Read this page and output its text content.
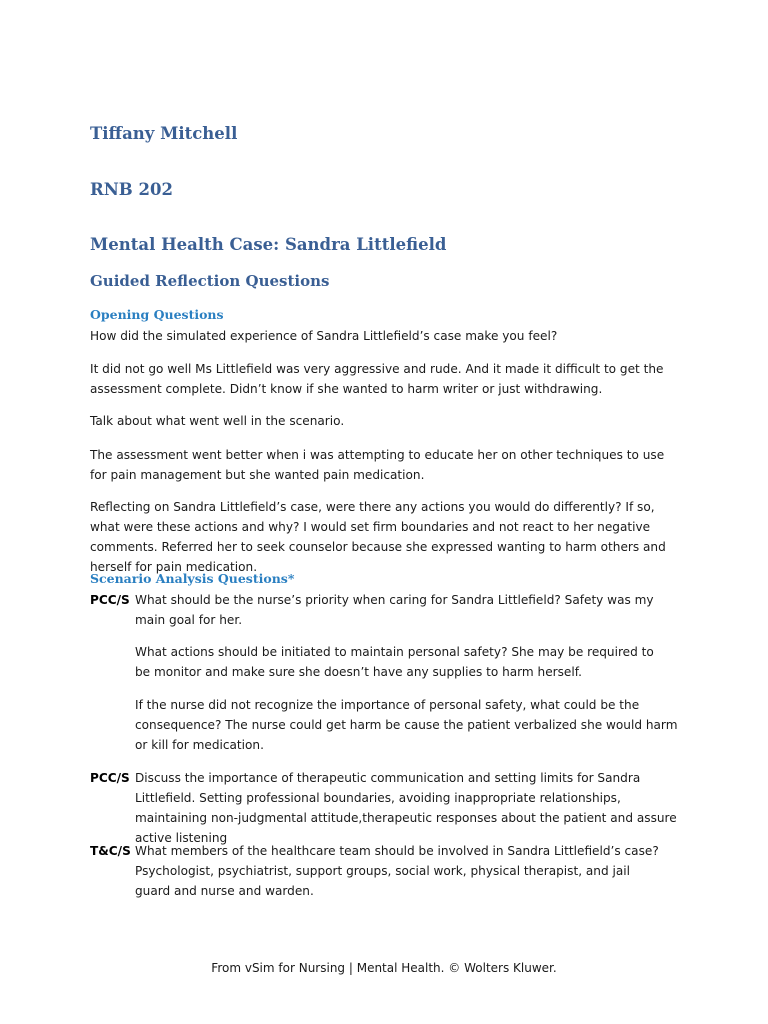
Tiffany Mitchell
RNB 202
Mental Health Case: Sandra Littlefield
Guided Reflection Questions
Opening Questions

How did the simulated experience of Sandra Littlefield’s case make you feel?

It did not go well Ms Littlefield was very aggressive and rude. And it made it difficult to get the assessment complete. Didn’t know if she wanted to harm writer or just withdrawing.

Talk about what went well in the scenario.

The assessment went better when i was attempting to educate her on other techniques to use for pain management but she wanted pain medication.

Reflecting on Sandra Littlefield’s case, were there any actions you would do differently? If so, what were these actions and why? I would set firm boundaries and not react to her negative comments. Referred her to seek counselor because she expressed wanting to harm others and herself for pain medication.

Scenario Analysis Questions*
PCC/S What should be the nurse’s priority when caring for Sandra Littlefield? Safety was my main goal for her.

What actions should be initiated to maintain personal safety? She may be required to be monitor and make sure she doesn’t have any supplies to harm herself.

If the nurse did not recognize the importance of personal safety, what could be the consequence? The nurse could get harm be cause the patient verbalized she would harm or kill for medication.

PCC/S Discuss the importance of therapeutic communication and setting limits for Sandra Littlefield. Setting professional boundaries, avoiding inappropriate relationships, maintaining non-judgmental attitude,therapeutic responses about the patient and assure active listening

T&C/S What members of the healthcare team should be involved in Sandra Littlefield’s case? Psychologist, psychiatrist, support groups, social work, physical therapist, and jail guard and nurse and warden.

From vSim for Nursing | Mental Health. © Wolters Kluwer.
